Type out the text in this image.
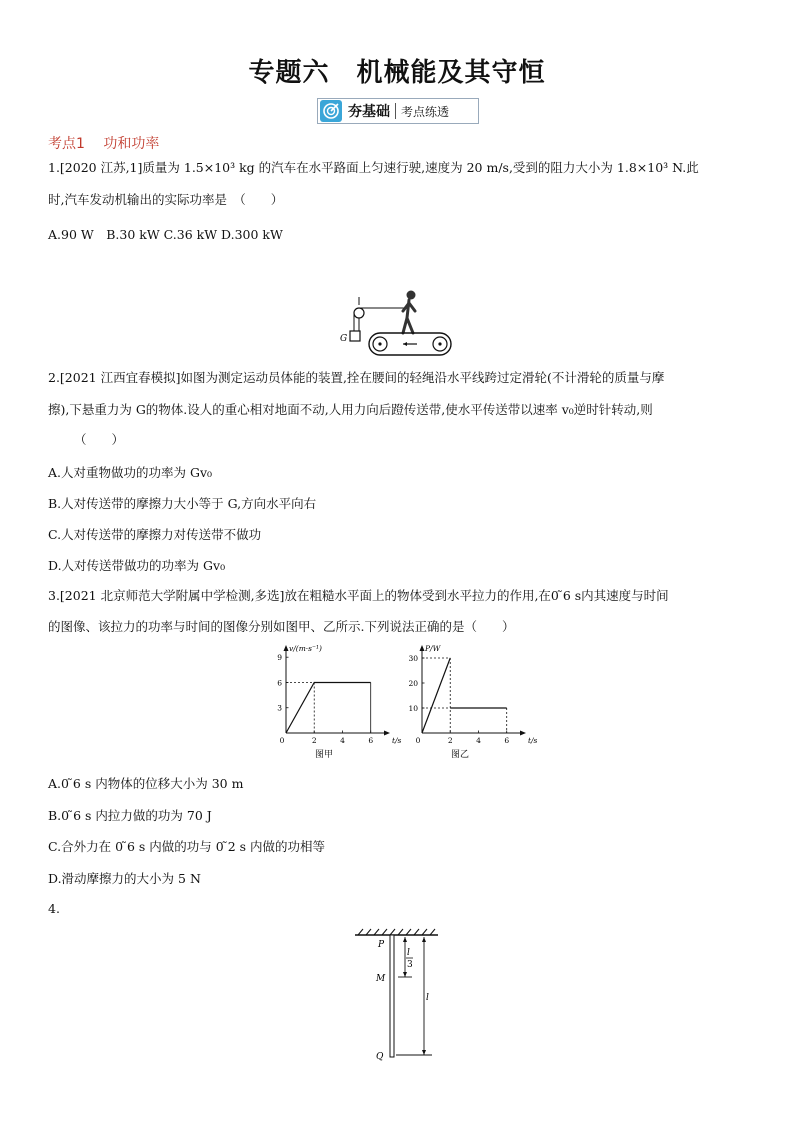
专题六　机械能及其守恒
夯基础 考点练透
考点1　 功和功率
1.[2020 江苏,1]质量为 1.5×10³ kg 的汽车在水平路面上匀速行驶,速度为 20 m/s,受到的阻力大小为 1.8×10³ N.此
时,汽车发动机输出的实际功率是　（　　）
A.90 W　B.30 kW C.36 kW D.300 kW
G
2.[2021 江西宜春模拟]如图为测定运动员体能的装置,拴在腰间的轻绳沿水平线跨过定滑轮(不计滑轮的质量与摩
擦),下悬重力为 G的物体.设人的重心相对地面不动,人用力向后蹬传送带,使水平传送带以速率 v₀逆时针转动,则
（　　）
A.人对重物做功的功率为 Gv₀
B.人对传送带的摩擦力大小等于 G,方向水平向右
C.人对传送带的摩擦力对传送带不做功
D.人对传送带做功的功率为 Gv₀
3.[2021 北京师范大学附属中学检测,多选]放在粗糙水平面上的物体受到水平拉力的作用,在0 ̃6 s内其速度与时间
的图像、该拉力的功率与时间的图像分别如图甲、乙所示.下列说法正确的是（　　）
v/(m·s⁻¹)
t/s
0	2	4	6
3
6
9
图甲
P/W
t/s
0	2	4	6
10
20
30
图乙
A.0 ̃6 s 内物体的位移大小为 30 m
B.0 ̃6 s 内拉力做的功为 70 J
C.合外力在 0 ̃6 s 内做的功与 0 ̃2 s 内做的功相等
D.滑动摩擦力的大小为 5 N
4.
l
3
l
P
M
Q
